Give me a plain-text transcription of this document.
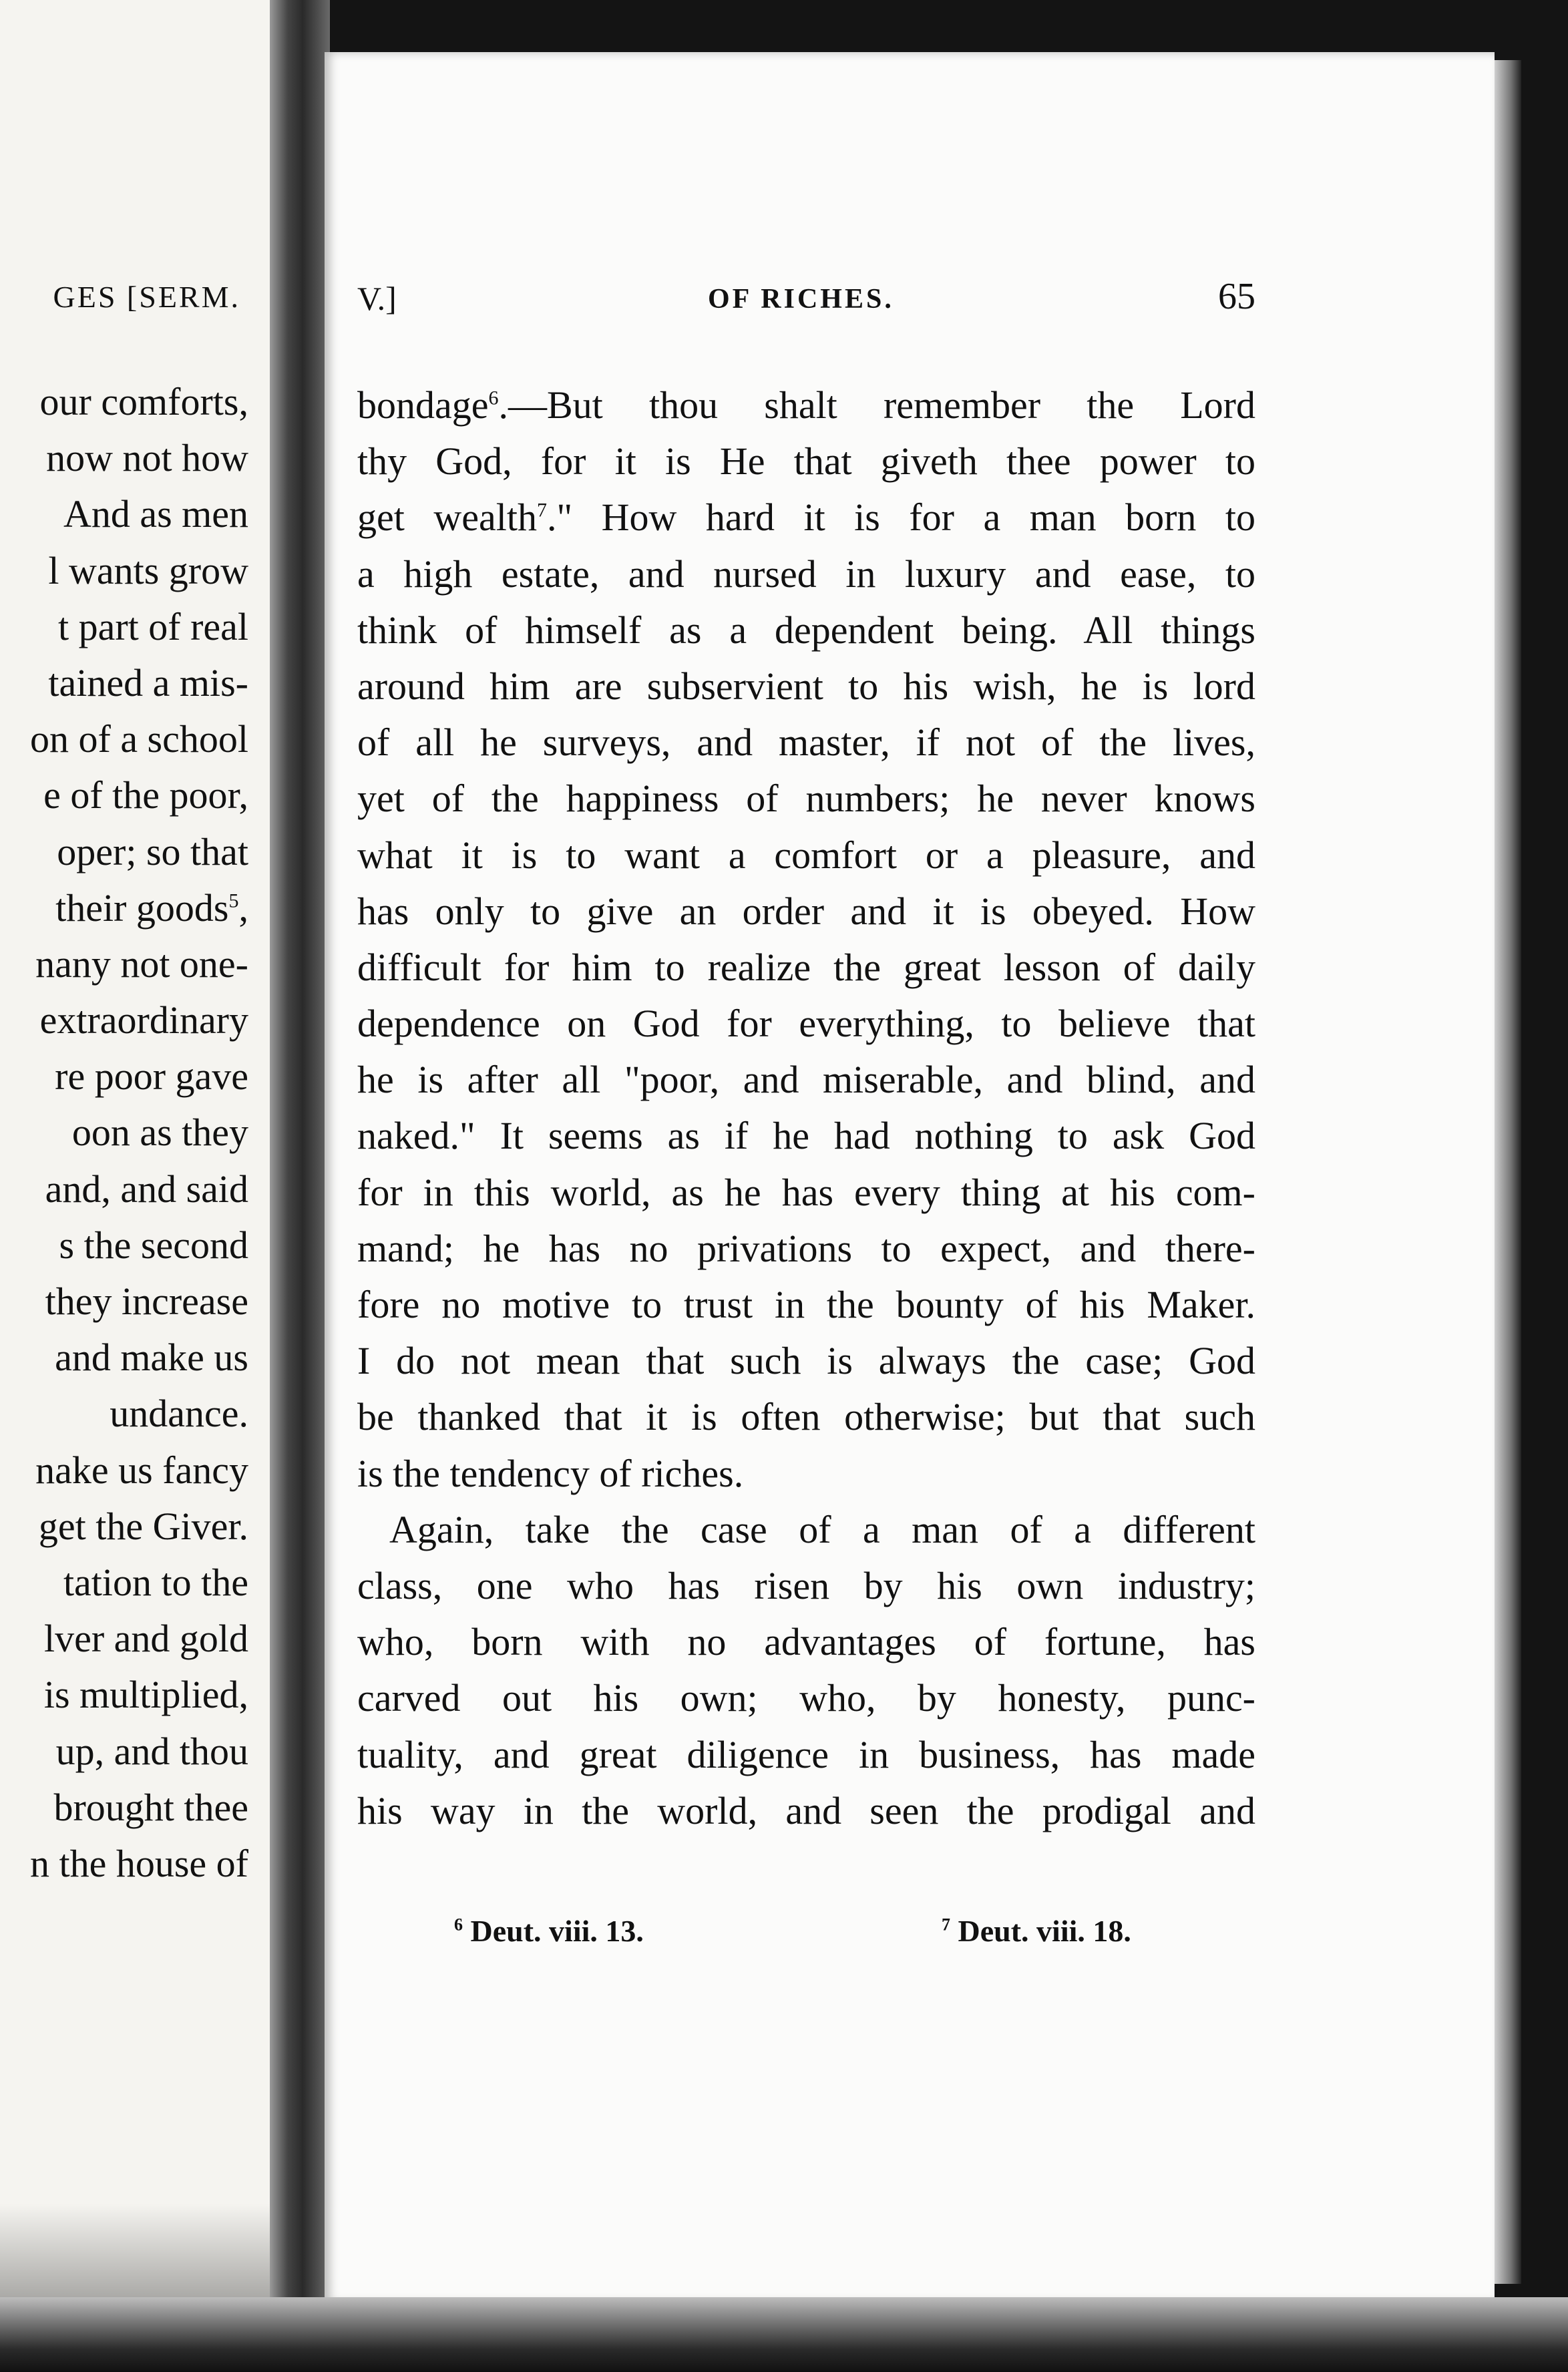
GES [SERM.
our comforts,
now not how
And as men
l wants grow
t part of real
tained a mis-
on of a school
e of the poor,
oper; so that
their goods$^5$,
nany not one-
extraordinary
re poor gave
oon as they
and, and said
s the second
they increase
and make us
undance.
nake us fancy
get the Giver.
tation to the
lver and gold
is multiplied,
up, and thou
brought thee
n the house of
V.]	OF RICHES.	65
bondage$^6$.—But thou shalt remember the Lord
thy God, for it is He that giveth thee power to
get wealth$^7$." How hard it is for a man born to
a high estate, and nursed in luxury and ease, to
think of himself as a dependent being. All things
around him are subservient to his wish, he is lord
of all he surveys, and master, if not of the lives,
yet of the happiness of numbers; he never knows
what it is to want a comfort or a pleasure, and
has only to give an order and it is obeyed. How
difficult for him to realize the great lesson of daily
dependence on God for everything, to believe that
he is after all "poor, and miserable, and blind, and
naked." It seems as if he had nothing to ask God
for in this world, as he has every thing at his com-
mand; he has no privations to expect, and there-
fore no motive to trust in the bounty of his Maker.
I do not mean that such is always the case; God
be thanked that it is often otherwise; but that such
is the tendency of riches.
Again, take the case of a man of a different
class, one who has risen by his own industry;
who, born with no advantages of fortune, has
carved out his own; who, by honesty, punc-
tuality, and great diligence in business, has made
his way in the world, and seen the prodigal and
$^6$ Deut. viii. 13.	$^7$ Deut. viii. 18.
